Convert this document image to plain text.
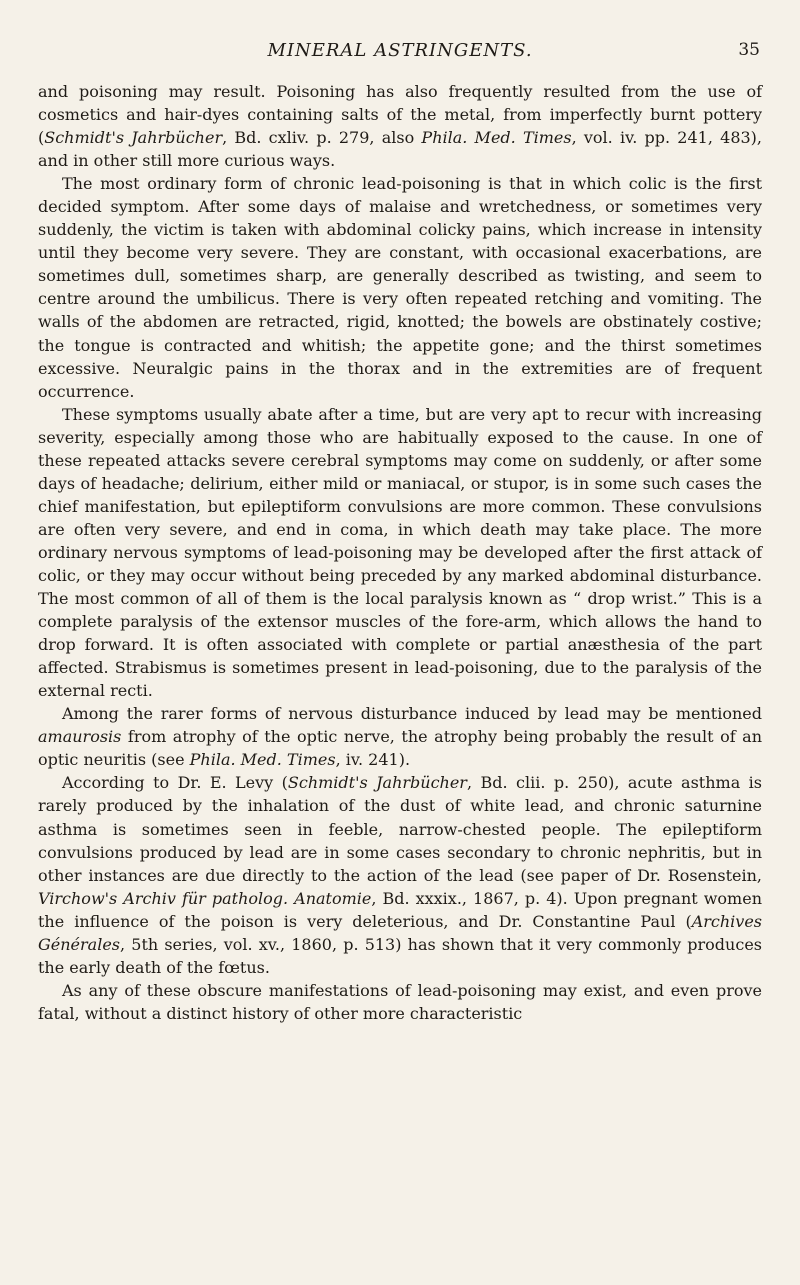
MINERAL ASTRINGENTS.	35

and poisoning may result. Poisoning has also frequently resulted from the use of cosmetics and hair-dyes containing salts of the metal, from imperfectly burnt pottery (Schmidt's Jahrbücher, Bd. cxliv. p. 279, also Phila. Med. Times, vol. iv. pp. 241, 483), and in other still more curious ways.

The most ordinary form of chronic lead-poisoning is that in which colic is the first decided symptom. After some days of malaise and wretchedness, or sometimes very suddenly, the victim is taken with abdominal colicky pains, which increase in intensity until they become very severe. They are constant, with occasional exacerbations, are sometimes dull, sometimes sharp, are generally described as twisting, and seem to centre around the umbilicus. There is very often repeated retching and vomiting. The walls of the abdomen are retracted, rigid, knotted; the bowels are obstinately costive; the tongue is contracted and whitish; the appetite gone; and the thirst sometimes excessive. Neuralgic pains in the thorax and in the extremities are of frequent occurrence.

These symptoms usually abate after a time, but are very apt to recur with increasing severity, especially among those who are habitually exposed to the cause. In one of these repeated attacks severe cerebral symptoms may come on suddenly, or after some days of headache; delirium, either mild or maniacal, or stupor, is in some such cases the chief manifestation, but epileptiform convulsions are more common. These convulsions are often very severe, and end in coma, in which death may take place. The more ordinary nervous symptoms of lead-poisoning may be developed after the first attack of colic, or they may occur without being preceded by any marked abdominal disturbance. The most common of all of them is the local paralysis known as “ drop wrist.” This is a complete paralysis of the extensor muscles of the fore-arm, which allows the hand to drop forward. It is often associated with complete or partial anæsthesia of the part affected. Strabismus is sometimes present in lead-poisoning, due to the paralysis of the external recti.

Among the rarer forms of nervous disturbance induced by lead may be mentioned amaurosis from atrophy of the optic nerve, the atrophy being probably the result of an optic neuritis (see Phila. Med. Times, iv. 241).

According to Dr. E. Levy (Schmidt's Jahrbücher, Bd. clii. p. 250), acute asthma is rarely produced by the inhalation of the dust of white lead, and chronic saturnine asthma is sometimes seen in feeble, narrow-chested people. The epileptiform convulsions produced by lead are in some cases secondary to chronic nephritis, but in other instances are due directly to the action of the lead (see paper of Dr. Rosenstein, Virchow's Archiv für patholog. Anatomie, Bd. xxxix., 1867, p. 4). Upon pregnant women the influence of the poison is very deleterious, and Dr. Constantine Paul (Archives Générales, 5th series, vol. xv., 1860, p. 513) has shown that it very commonly produces the early death of the fœtus.

As any of these obscure manifestations of lead-poisoning may exist, and even prove fatal, without a distinct history of other more characteristic
